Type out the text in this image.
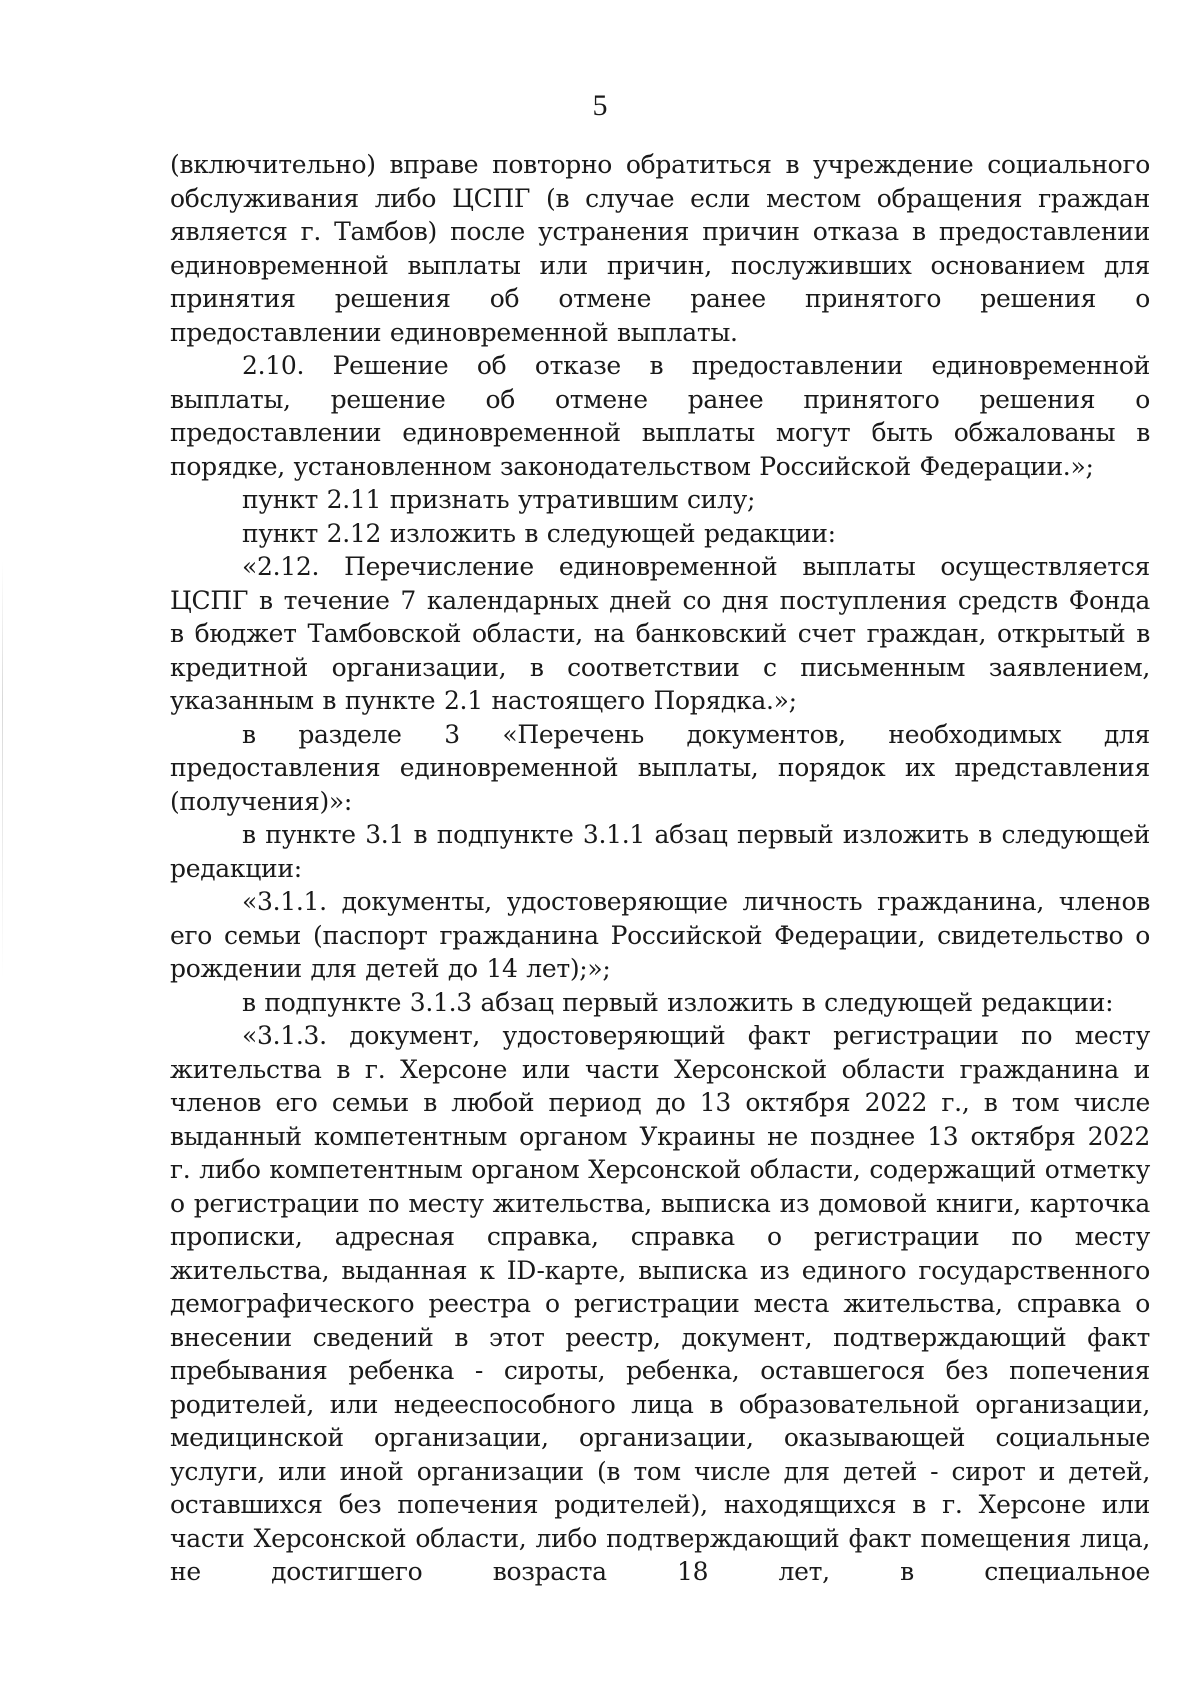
5

(включительно) вправе повторно обратиться в учреждение социального обслуживания либо ЦСПГ (в случае если местом обращения граждан является г. Тамбов) после устранения причин отказа в предоставлении единовременной выплаты или причин, послуживших основанием для принятия решения об отмене ранее принятого решения о предоставлении единовременной выплаты.

2.10. Решение об отказе в предоставлении единовременной выплаты, решение об отмене ранее принятого решения о предоставлении единовременной выплаты могут быть обжалованы в порядке, установленном законодательством Российской Федерации.»;

пункт 2.11 признать утратившим силу;

пункт 2.12 изложить в следующей редакции:

«2.12. Перечисление единовременной выплаты осуществляется ЦСПГ в течение 7 календарных дней со дня поступления средств Фонда в бюджет Тамбовской области, на банковский счет граждан, открытый в кредитной организации, в соответствии с письменным заявлением, указанным в пункте 2.1 настоящего Порядка.»;

в разделе 3 «Перечень документов, необходимых для предоставления единовременной выплаты, порядок их представления (получения)»:

в пункте 3.1 в подпункте 3.1.1 абзац первый изложить в следующей редакции:

«3.1.1. документы, удостоверяющие личность гражданина, членов его семьи (паспорт гражданина Российской Федерации, свидетельство о рождении для детей до 14 лет);»;

в подпункте 3.1.3 абзац первый изложить в следующей редакции:

«3.1.3. документ, удостоверяющий факт регистрации по месту жительства в г. Херсоне или части Херсонской области гражданина и членов его семьи в любой период до 13 октября 2022 г., в том числе выданный компетентным органом Украины не позднее 13 октября 2022 г. либо компетентным органом Херсонской области, содержащий отметку о регистрации по месту жительства, выписка из домовой книги, карточка прописки, адресная справка, справка о регистрации по месту жительства, выданная к ID-карте, выписка из единого государственного демографического реестра о регистрации места жительства, справка о внесении сведений в этот реестр, документ, подтверждающий факт пребывания ребенка - сироты, ребенка, оставшегося без попечения родителей, или недееспособного лица в образовательной организации, медицинской организации, организации, оказывающей социальные услуги, или иной организации (в том числе для детей - сирот и детей, оставшихся без попечения родителей), находящихся в г. Херсоне или части Херсонской области, либо подтверждающий факт помещения лица, не достигшего возраста 18 лет, в специальное
